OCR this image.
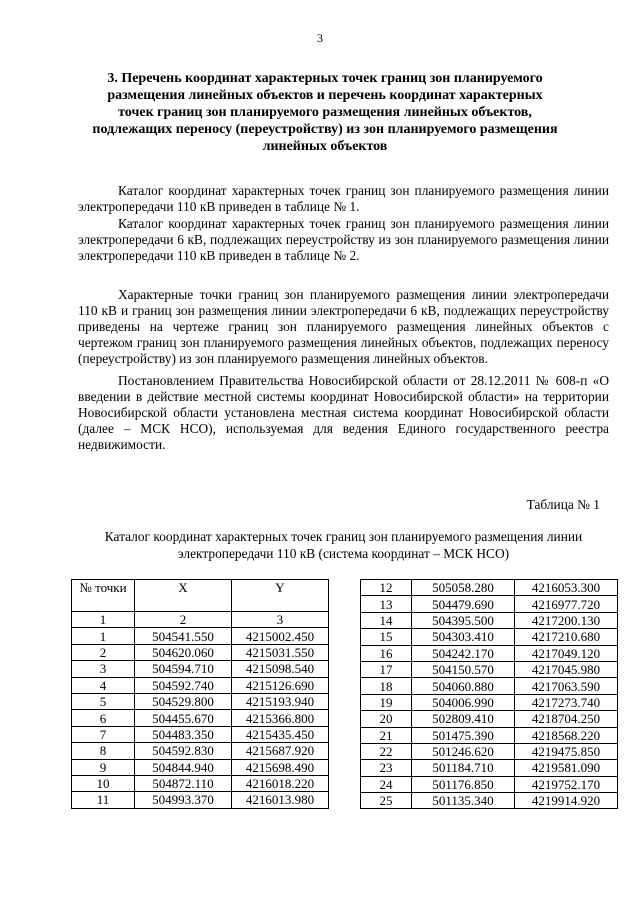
3
3. Перечень координат характерных точек границ зон планируемого размещения линейных объектов и перечень координат характерных точек границ зон планируемого размещения линейных объектов, подлежащих переносу (переустройству) из зон планируемого размещения линейных объектов

Каталог координат характерных точек границ зон планируемого размещения линии электропередачи 110 кВ приведен в таблице № 1.

Каталог координат характерных точек границ зон планируемого размещения линии электропередачи 6 кВ, подлежащих переустройству из зон планируемого размещения линии электропередачи 110 кВ приведен в таблице № 2.

Характерные точки границ зон планируемого размещения линии электропередачи 110 кВ и границ зон размещения линии электропередачи 6 кВ, подлежащих переустройству приведены на чертеже границ зон планируемого размещения линейных объектов с чертежом границ зон планируемого размещения линейных объектов, подлежащих переносу (переустройству) из зон планируемого размещения линейных объектов.

Постановлением Правительства Новосибирской области от 28.12.2011 № 608-п «О введении в действие местной системы координат Новосибирской области» на территории Новосибирской области установлена местная система координат Новосибирской области (далее – МСК НСО), используемая для ведения Единого государственного реестра недвижимости.

Таблица № 1
Каталог координат характерных точек границ зон планируемого размещения линии электропередачи 110 кВ (система координат – МСК НСО)
№ точки	X	Y
1	2	3
1	504541.550	4215002.450
2	504620.060	4215031.550
3	504594.710	4215098.540
4	504592.740	4215126.690
5	504529.800	4215193.940
6	504455.670	4215366.800
7	504483.350	4215435.450
8	504592.830	4215687.920
9	504844.940	4215698.490
10	504872.110	4216018.220
11	504993.370	4216013.980
12	505058.280	4216053.300
13	504479.690	4216977.720
14	504395.500	4217200.130
15	504303.410	4217210.680
16	504242.170	4217049.120
17	504150.570	4217045.980
18	504060.880	4217063.590
19	504006.990	4217273.740
20	502809.410	4218704.250
21	501475.390	4218568.220
22	501246.620	4219475.850
23	501184.710	4219581.090
24	501176.850	4219752.170
25	501135.340	4219914.920
